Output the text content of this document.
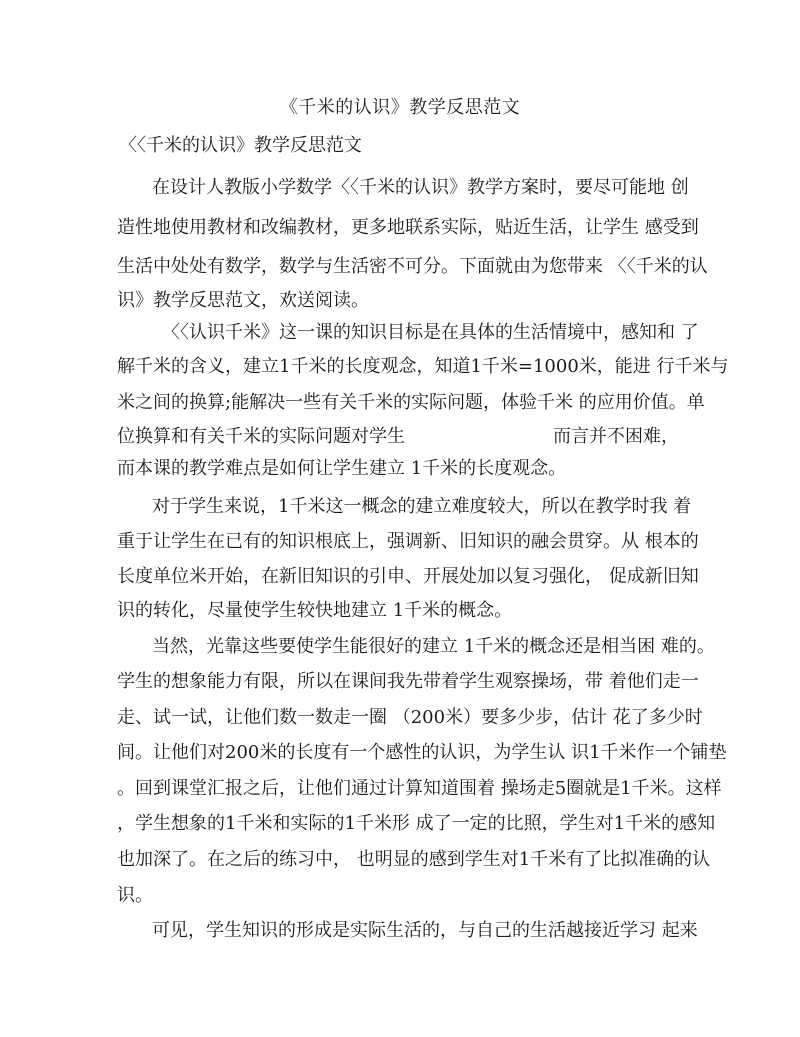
《千米的认识》教学反思范文
〈〈千米的认识》教学反思范文
在设计人教版小学数学〈〈千米的认识》教学方案时，要尽可能地 创
造性地使用教材和改编教材，更多地联系实际，贴近生活，让学生 感受到
生活中处处有数学，数学与生活密不可分。下面就由为您带来 〈〈千米的认
识》教学反思范文，欢送阅读。
〈〈认识千米》这一课的知识目标是在具体的生活情境中，感知和 了
解千米的含义，建立1千米的长度观念，知道1千米=1000米，能进 行千米与
米之间的换算;能解决一些有关千米的实际问题，体验千米 的应用价值。单
位换算和有关千米的实际问题对学生	而言并不困难，
而本课的教学难点是如何让学生建立 1千米的长度观念。
对于学生来说，1千米这一概念的建立难度较大，所以在教学时我 着
重于让学生在已有的知识根底上，强调新、旧知识的融会贯穿。从 根本的
长度单位米开始，在新旧知识的引申、开展处加以复习强化， 促成新旧知
识的转化，尽量使学生较快地建立 1千米的概念。
当然，光靠这些要使学生能很好的建立 1千米的概念还是相当困 难的。
学生的想象能力有限，所以在课间我先带着学生观察操场，带 着他们走一
走、试一试，让他们数一数走一圈 （200米）要多少步，估计 花了多少时
间。让他们对200米的长度有一个感性的认识，为学生认 识1千米作一个铺垫
。回到课堂汇报之后，让他们通过计算知道围着 操场走5圈就是1千米。这样
，学生想象的1千米和实际的1千米形 成了一定的比照，学生对1千米的感知
也加深了。在之后的练习中， 也明显的感到学生对1千米有了比拟准确的认
识。
可见，学生知识的形成是实际生活的，与自己的生活越接近学习 起来
